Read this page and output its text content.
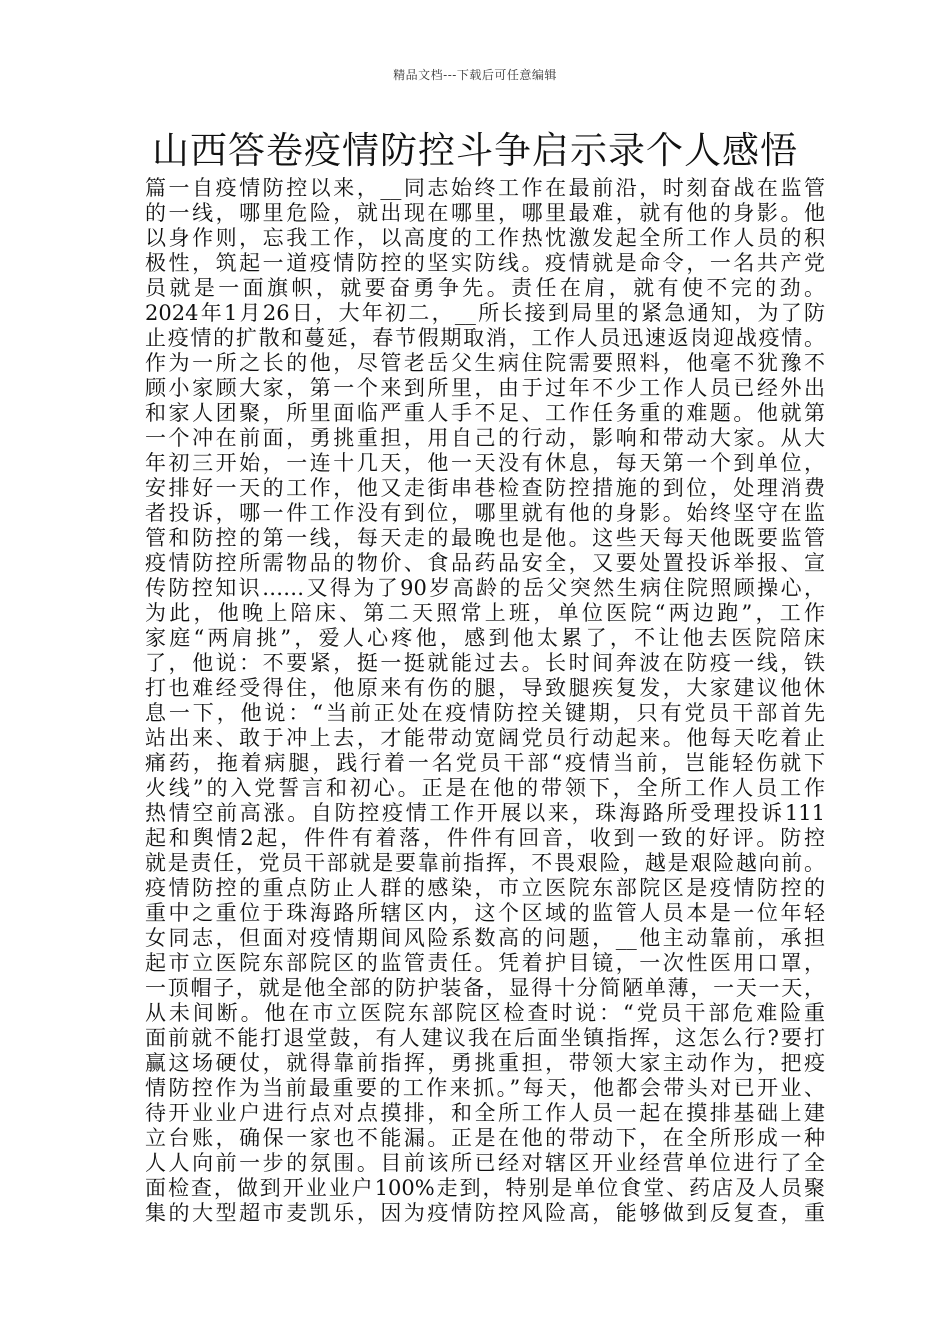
精品文档---下载后可任意编辑
山西答卷疫情防控斗争启示录个人感悟
篇一自疫情防控以来，__同志始终工作在最前沿，时刻奋战在监管
的一线，哪里危险，就出现在哪里，哪里最难，就有他的身影。他
以身作则，忘我工作，以高度的工作热忱激发起全所工作人员的积
极性，筑起一道疫情防控的坚实防线。疫情就是命令，一名共产党
员就是一面旗帜，就要奋勇争先。责任在肩，就有使不完的劲。
2024年1月26日，大年初二，__所长接到局里的紧急通知，为了防
止疫情的扩散和蔓延，春节假期取消，工作人员迅速返岗迎战疫情。
作为一所之长的他，尽管老岳父生病住院需要照料，他毫不犹豫不
顾小家顾大家，第一个来到所里，由于过年不少工作人员已经外出
和家人团聚，所里面临严重人手不足、工作任务重的难题。他就第
一个冲在前面，勇挑重担，用自己的行动，影响和带动大家。从大
年初三开始，一连十几天，他一天没有休息，每天第一个到单位，
安排好一天的工作，他又走街串巷检查防控措施的到位，处理消费
者投诉，哪一件工作没有到位，哪里就有他的身影。始终坚守在监
管和防控的第一线，每天走的最晚也是他。这些天每天他既要监管
疫情防控所需物品的物价、食品药品安全，又要处置投诉举报、宣
传防控知识……又得为了90岁高龄的岳父突然生病住院照顾操心，
为此，他晚上陪床、第二天照常上班，单位医院“两边跑”，工作
家庭“两肩挑”，爱人心疼他，感到他太累了，不让他去医院陪床
了，他说：不要紧，挺一挺就能过去。长时间奔波在防疫一线，铁
打也难经受得住，他原来有伤的腿，导致腿疾复发，大家建议他休
息一下，他说：“当前正处在疫情防控关键期，只有党员干部首先
站出来、敢于冲上去，才能带动宽阔党员行动起来。他每天吃着止
痛药，拖着病腿，践行着一名党员干部“疫情当前，岂能轻伤就下
火线”的入党誓言和初心。正是在他的带领下，全所工作人员工作
热情空前高涨。自防控疫情工作开展以来，珠海路所受理投诉111
起和舆情2起，件件有着落，件件有回音，收到一致的好评。防控
就是责任，党员干部就是要靠前指挥，不畏艰险，越是艰险越向前。
疫情防控的重点防止人群的感染，市立医院东部院区是疫情防控的
重中之重位于珠海路所辖区内，这个区域的监管人员本是一位年轻
女同志，但面对疫情期间风险系数高的问题，__他主动靠前，承担
起市立医院东部院区的监管责任。凭着护目镜，一次性医用口罩，
一顶帽子，就是他全部的防护装备，显得十分简陋单薄，一天一天，
从未间断。他在市立医院东部院区检查时说：“党员干部危难险重
面前就不能打退堂鼓，有人建议我在后面坐镇指挥，这怎么行?要打
赢这场硬仗，就得靠前指挥，勇挑重担，带领大家主动作为，把疫
情防控作为当前最重要的工作来抓。”每天，他都会带头对已开业、
待开业业户进行点对点摸排，和全所工作人员一起在摸排基础上建
立台账，确保一家也不能漏。正是在他的带动下，在全所形成一种
人人向前一步的氛围。目前该所已经对辖区开业经营单位进行了全
面检查，做到开业业户100%走到，特别是单位食堂、药店及人员聚
集的大型超市麦凯乐，因为疫情防控风险高，能够做到反复查，重
